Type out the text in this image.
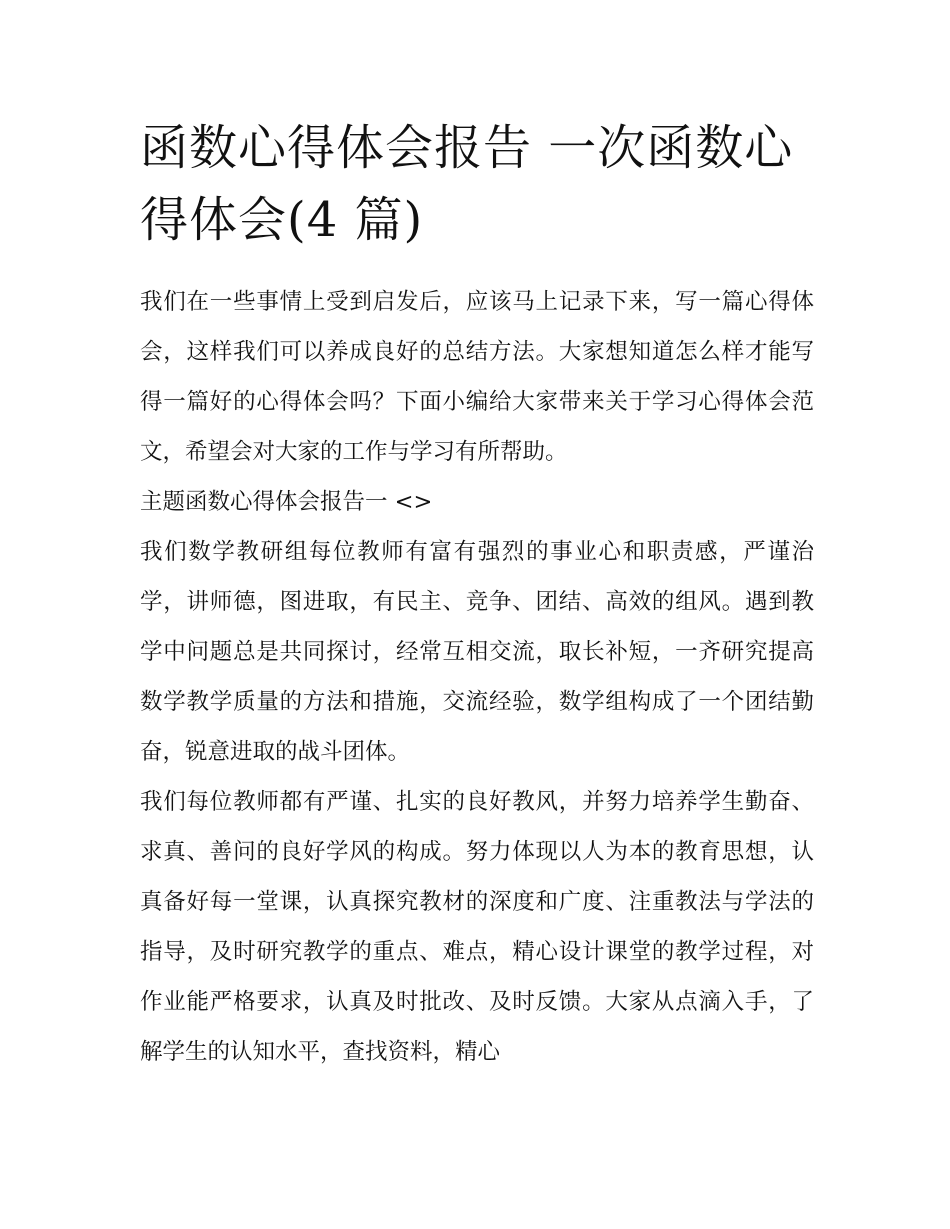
函数心得体会报告 一次函数心得体会(4 篇)

我们在一些事情上受到启发后，应该马上记录下来，写一篇心得体会，这样我们可以养成良好的总结方法。大家想知道怎么样才能写得一篇好的心得体会吗？下面小编给大家带来关于学习心得体会范文，希望会对大家的工作与学习有所帮助。

主题函数心得体会报告一 <>

我们数学教研组每位教师有富有强烈的事业心和职责感，严谨治学，讲师德，图进取，有民主、竞争、团结、高效的组风。遇到教学中问题总是共同探讨，经常互相交流，取长补短，一齐研究提高数学教学质量的方法和措施，交流经验，数学组构成了一个团结勤奋，锐意进取的战斗团体。

我们每位教师都有严谨、扎实的良好教风，并努力培养学生勤奋、求真、善问的良好学风的构成。努力体现以人为本的教育思想，认真备好每一堂课，认真探究教材的深度和广度、注重教法与学法的指导，及时研究教学的重点、难点，精心设计课堂的教学过程，对作业能严格要求，认真及时批改、及时反馈。大家从点滴入手，了解学生的认知水平，查找资料，精心
